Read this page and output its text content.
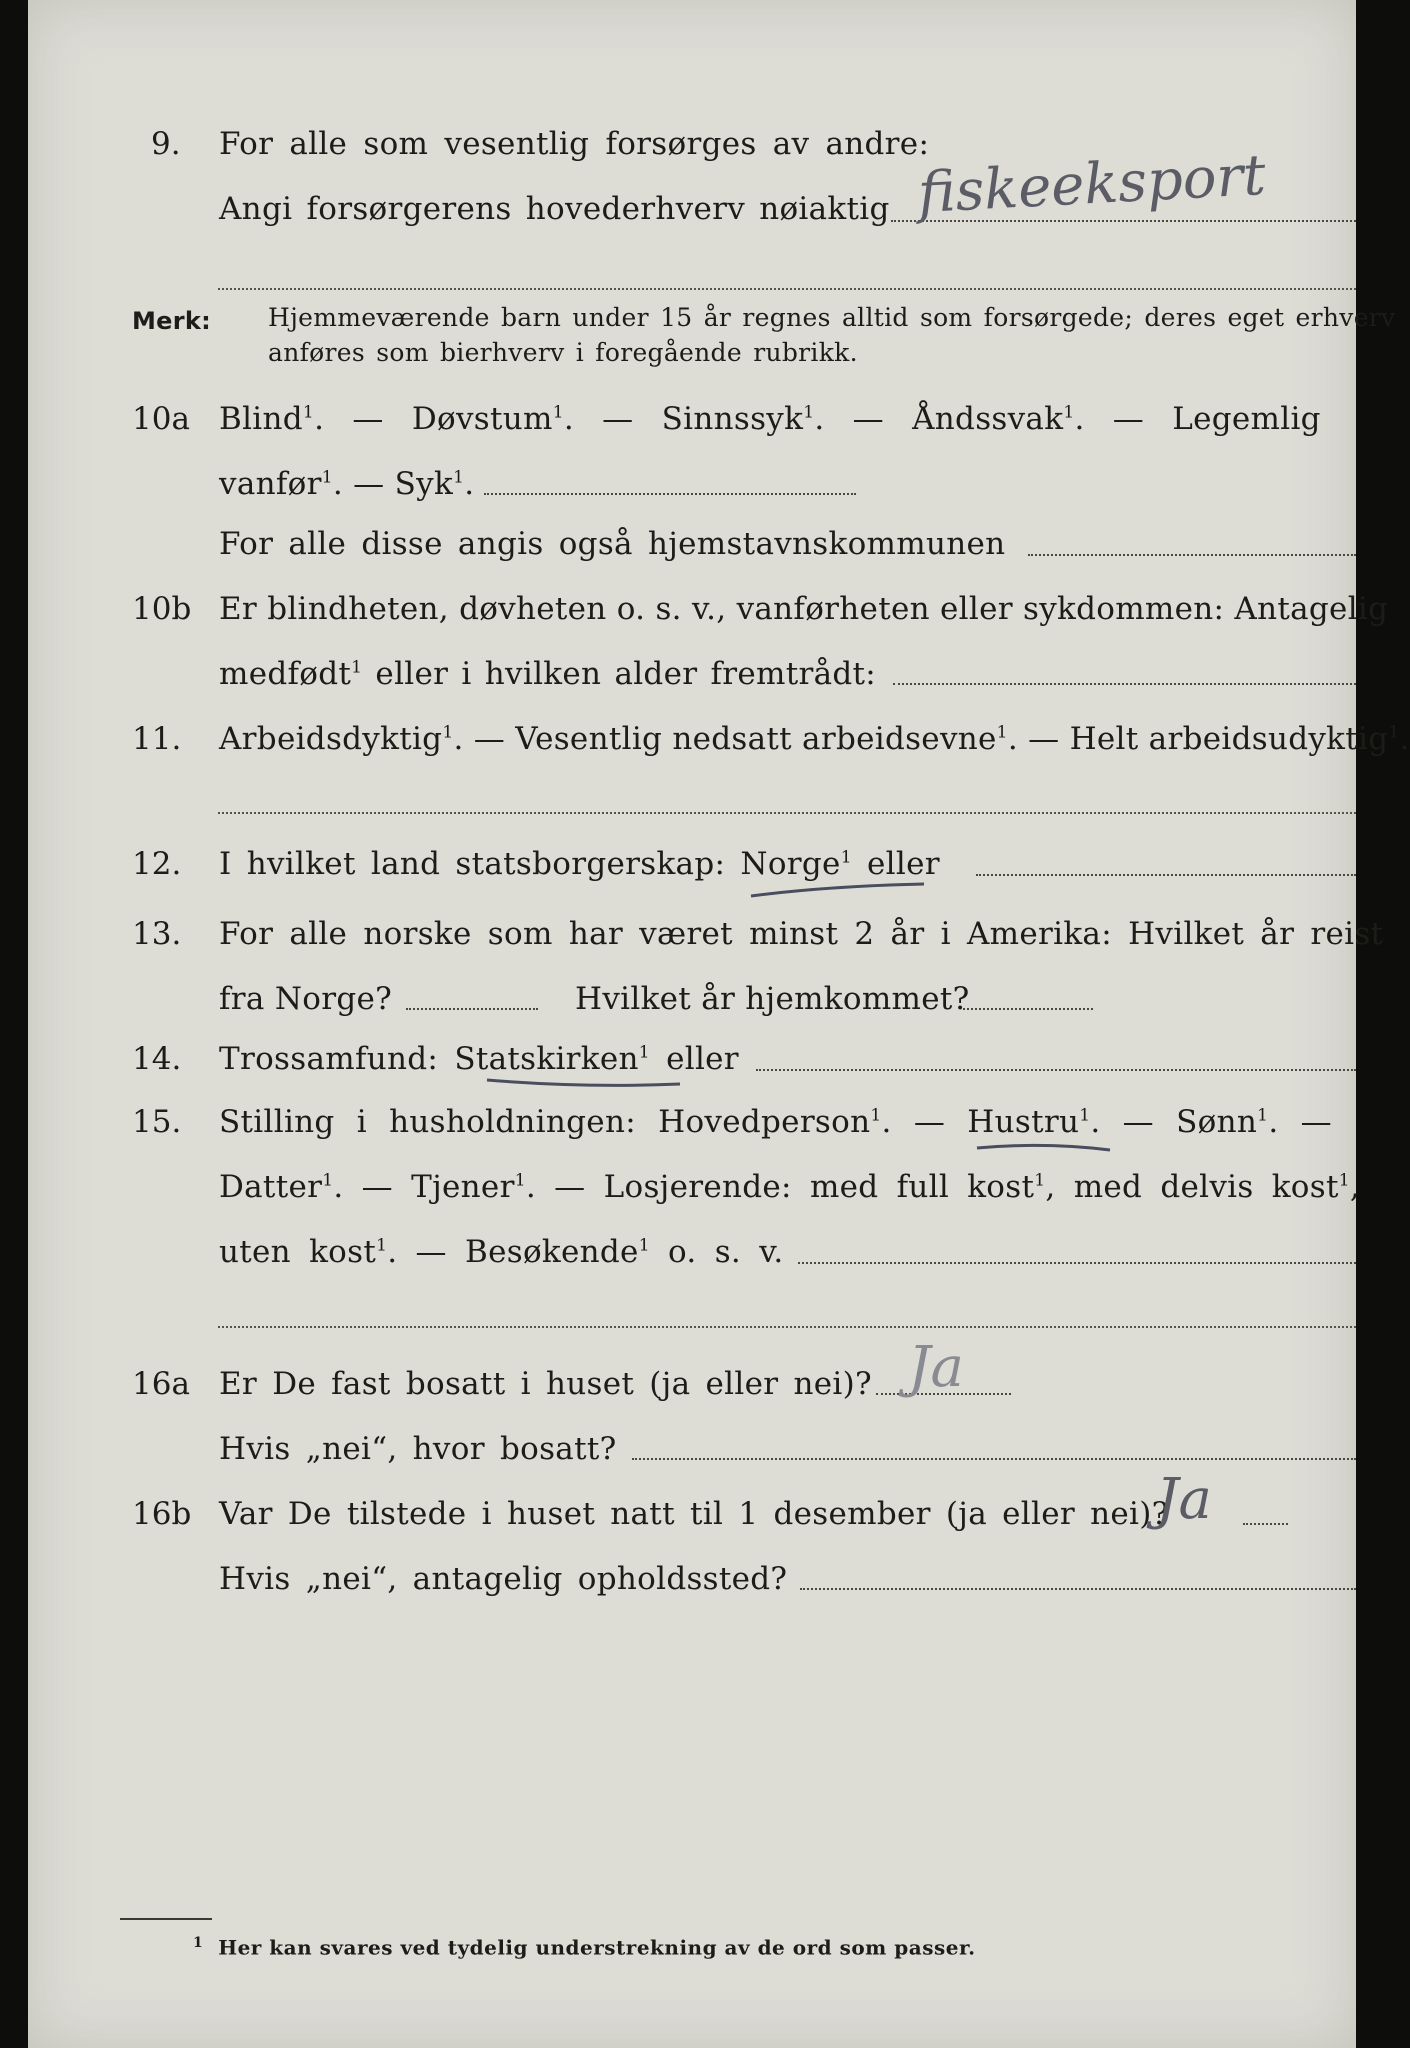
9. For alle som vesentlig forsørges av andre:
Angi forsørgerens hovederhverv nøiaktig fiskeeksport
Merk: Hjemmeværende barn under 15 år regnes alltid som forsørgede; deres eget erhverv
anføres som bierhverv i foregående rubrikk.
10a Blind$^1$. — Døvstum$^1$. — Sinnssyk$^1$. — Åndssvak$^1$. — Legemlig
vanfør$^1$. — Syk$^1$.
For alle disse angis også hjemstavnskommunen
10b Er blindheten, døvheten o. s. v., vanførheten eller sykdommen: Antagelig
medfødt$^1$ eller i hvilken alder fremtrådt:
11. Arbeidsdyktig$^1$. — Vesentlig nedsatt arbeidsevne$^1$. — Helt arbeidsudyktig$^1$.
12. I hvilket land statsborgerskap: Norge$^1$ eller
13. For alle norske som har været minst 2 år i Amerika: Hvilket år reist
fra Norge?	Hvilket år hjemkommet?
14. Trossamfund: Statskirken$^1$ eller
15. Stilling i husholdningen: Hovedperson$^1$. — Hustru$^1$. — Sønn$^1$. —
Datter$^1$. — Tjener$^1$. — Losjerende: med full kost$^1$, med delvis kost$^1$,
uten kost$^1$. — Besøkende$^1$ o. s. v.
16a Er De fast bosatt i huset (ja eller nei)? Ja
Hvis „nei“, hvor bosatt?
16b Var De tilstede i huset natt til 1 desember (ja eller nei)?
Ja
Hvis „nei“, antagelig opholdssted?
$^1$ Her kan svares ved tydelig understrekning av de ord som passer.
